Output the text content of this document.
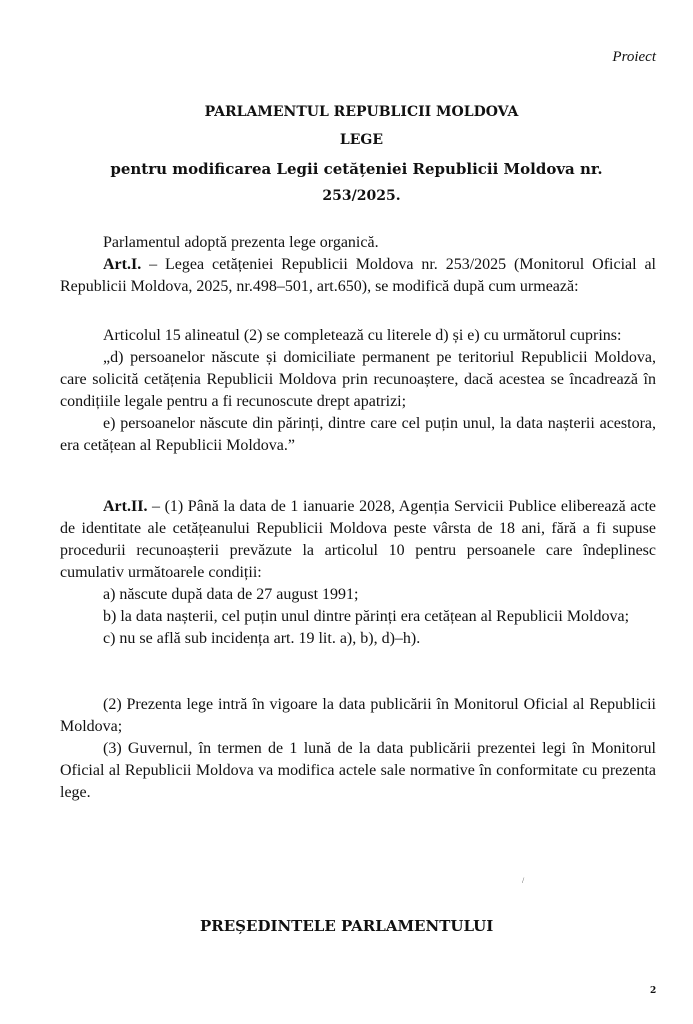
Proiect
PARLAMENTUL REPUBLICII MOLDOVA
LEGE
pentru modificarea Legii cetățeniei Republicii Moldova nr.
253/2025.

Parlamentul adoptă prezenta lege organică.

Art.I. – Legea cetățeniei Republicii Moldova nr. 253/2025 (Monitorul Oficial al Republicii Moldova, 2025, nr.498–501, art.650), se modifică după cum urmează:

Articolul 15 alineatul (2) se completează cu literele d) și e) cu următorul cuprins:

„d) persoanelor născute și domiciliate permanent pe teritoriul Republicii Moldova, care solicită cetățenia Republicii Moldova prin recunoaștere, dacă acestea se încadrează în condițiile legale pentru a fi recunoscute drept apatrizi;

e) persoanelor născute din părinți, dintre care cel puțin unul, la data nașterii acestora, era cetățean al Republicii Moldova.”

Art.II. – (1) Până la data de 1 ianuarie 2028, Agenția Servicii Publice eliberează acte de identitate ale cetățeanului Republicii Moldova peste vârsta de 18 ani, fără a fi supuse procedurii recunoașterii prevăzute la articolul 10 pentru persoanele care îndeplinesc cumulativ următoarele condiții:

a) născute după data de 27 august 1991;

b) la data nașterii, cel puțin unul dintre părinți era cetățean al Republicii Moldova;

c) nu se află sub incidența art. 19 lit. a), b), d)–h).

(2) Prezenta lege intră în vigoare la data publicării în Monitorul Oficial al Republicii Moldova;

(3) Guvernul, în termen de 1 lună de la data publicării prezentei legi în Monitorul Oficial al Republicii Moldova va modifica actele sale normative în conformitate cu prezenta lege.

/
PREȘEDINTELE PARLAMENTULUI
2
